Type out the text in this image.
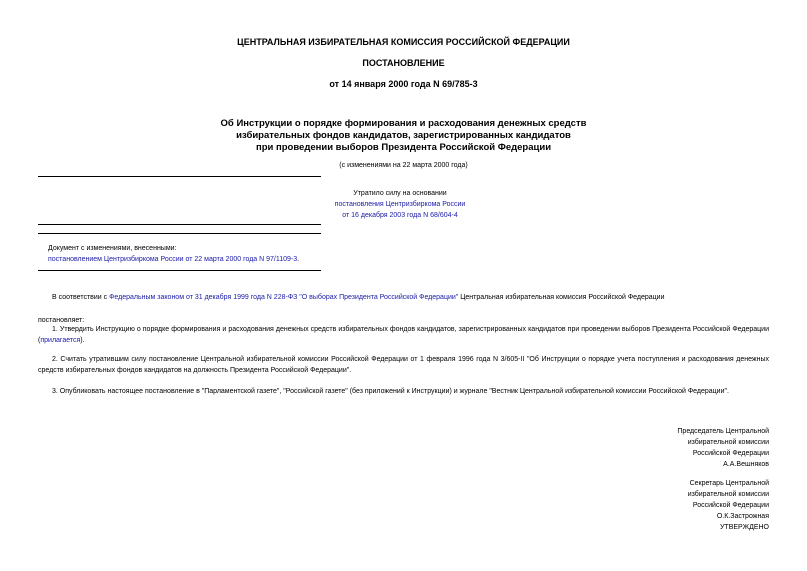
ЦЕНТРАЛЬНАЯ ИЗБИРАТЕЛЬНАЯ КОМИССИЯ РОССИЙСКОЙ ФЕДЕРАЦИИ
ПОСТАНОВЛЕНИЕ
от 14 января 2000 года N 69/785-3
Об Инструкции о порядке формирования и расходования денежных средств
избирательных фондов кандидатов, зарегистрированных кандидатов
при проведении выборов Президента Российской Федерации
(с изменениями на 22 марта 2000 года)
Утратило силу на основании
постановления Центризбиркома России
от 16 декабря 2003 года N 68/604-4
Документ с изменениями, внесенными:
постановлением Центризбиркома России от 22 марта 2000 года N 97/1109-3.
В соответствии с Федеральным законом от 31 декабря 1999 года N 228-ФЗ "О выборах Президента Российской Федерации" Центральная избирательная комиссия Российской Федерации
постановляет:
1. Утвердить Инструкцию о порядке формирования и расходования денежных средств избирательных фондов кандидатов, зарегистрированных кандидатов при проведении выборов Президента Российской Федерации (прилагается).
2. Считать утратившим силу постановление Центральной избирательной комиссии Российской Федерации от 1 февраля 1996 года N 3/605-II "Об Инструкции о порядке учета поступления и расходования денежных средств избирательных фондов кандидатов на должность Президента Российской Федерации".
3. Опубликовать настоящее постановление в "Парламентской газете", "Российской газете" (без приложений к Инструкции) и журнале "Вестник Центральной избирательной комиссии Российской Федерации".
Председатель Центральной
избирательной комиссии
Российской Федерации
А.А.Вешняков
Секретарь Центральной
избирательной комиссии
Российской Федерации
О.К.Застрожная
УТВЕРЖДЕНО
